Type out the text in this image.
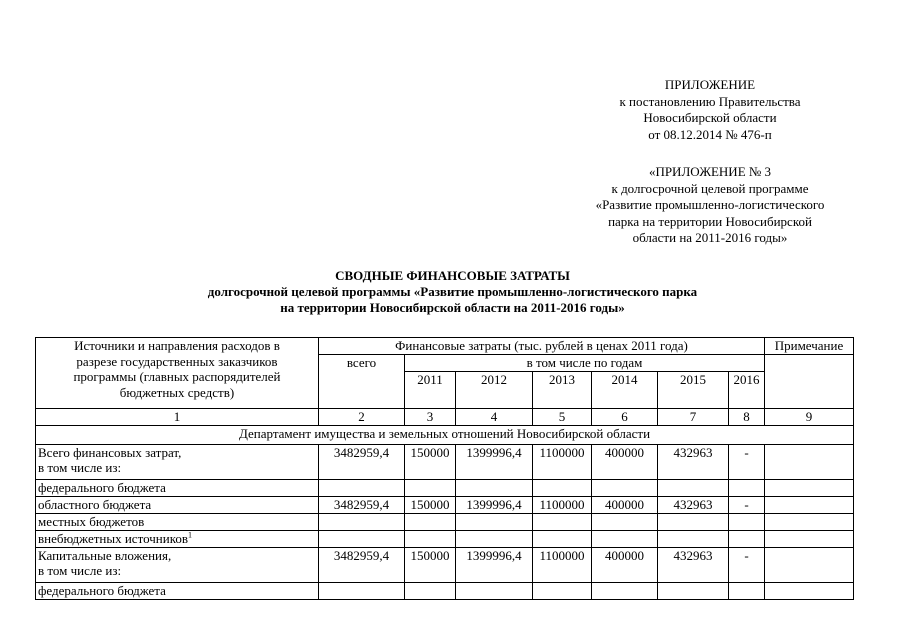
ПРИЛОЖЕНИЕ
к постановлению Правительства
Новосибирской области
от 08.12.2014 № 476-п
«ПРИЛОЖЕНИЕ № 3
к долгосрочной целевой программе
«Развитие промышленно-логистического
парка на территории Новосибирской
области на 2011-2016 годы»
СВОДНЫЕ ФИНАНСОВЫЕ ЗАТРАТЫ
долгосрочной целевой программы «Развитие промышленно-логистического парка
на территории Новосибирской области на 2011-2016 годы»
Источники и направления расходов в
разрезе государственных заказчиков
программы (главных распорядителей
бюджетных средств)	Финансовые затраты (тыс. рублей в ценах 2011 года)							Примечание
	всего	в том числе по годам						
		2011	2012	2013	2014	2015	2016	
1	2	3	4	5	6	7	8	9
Департамент имущества и земельных отношений Новосибирской области								

Всего финансовых затрат,
в том числе из:	3482959,4	150000	1399996,4	1100000	400000	432963	-	

федерального бюджета								

областного бюджета	3482959,4	150000	1399996,4	1100000	400000	432963	-	

местных бюджетов								

внебюджетных источников$^1$

Капитальные вложения,
в том числе из:	3482959,4	150000	1399996,4	1100000	400000	432963	-	

федерального бюджета								
